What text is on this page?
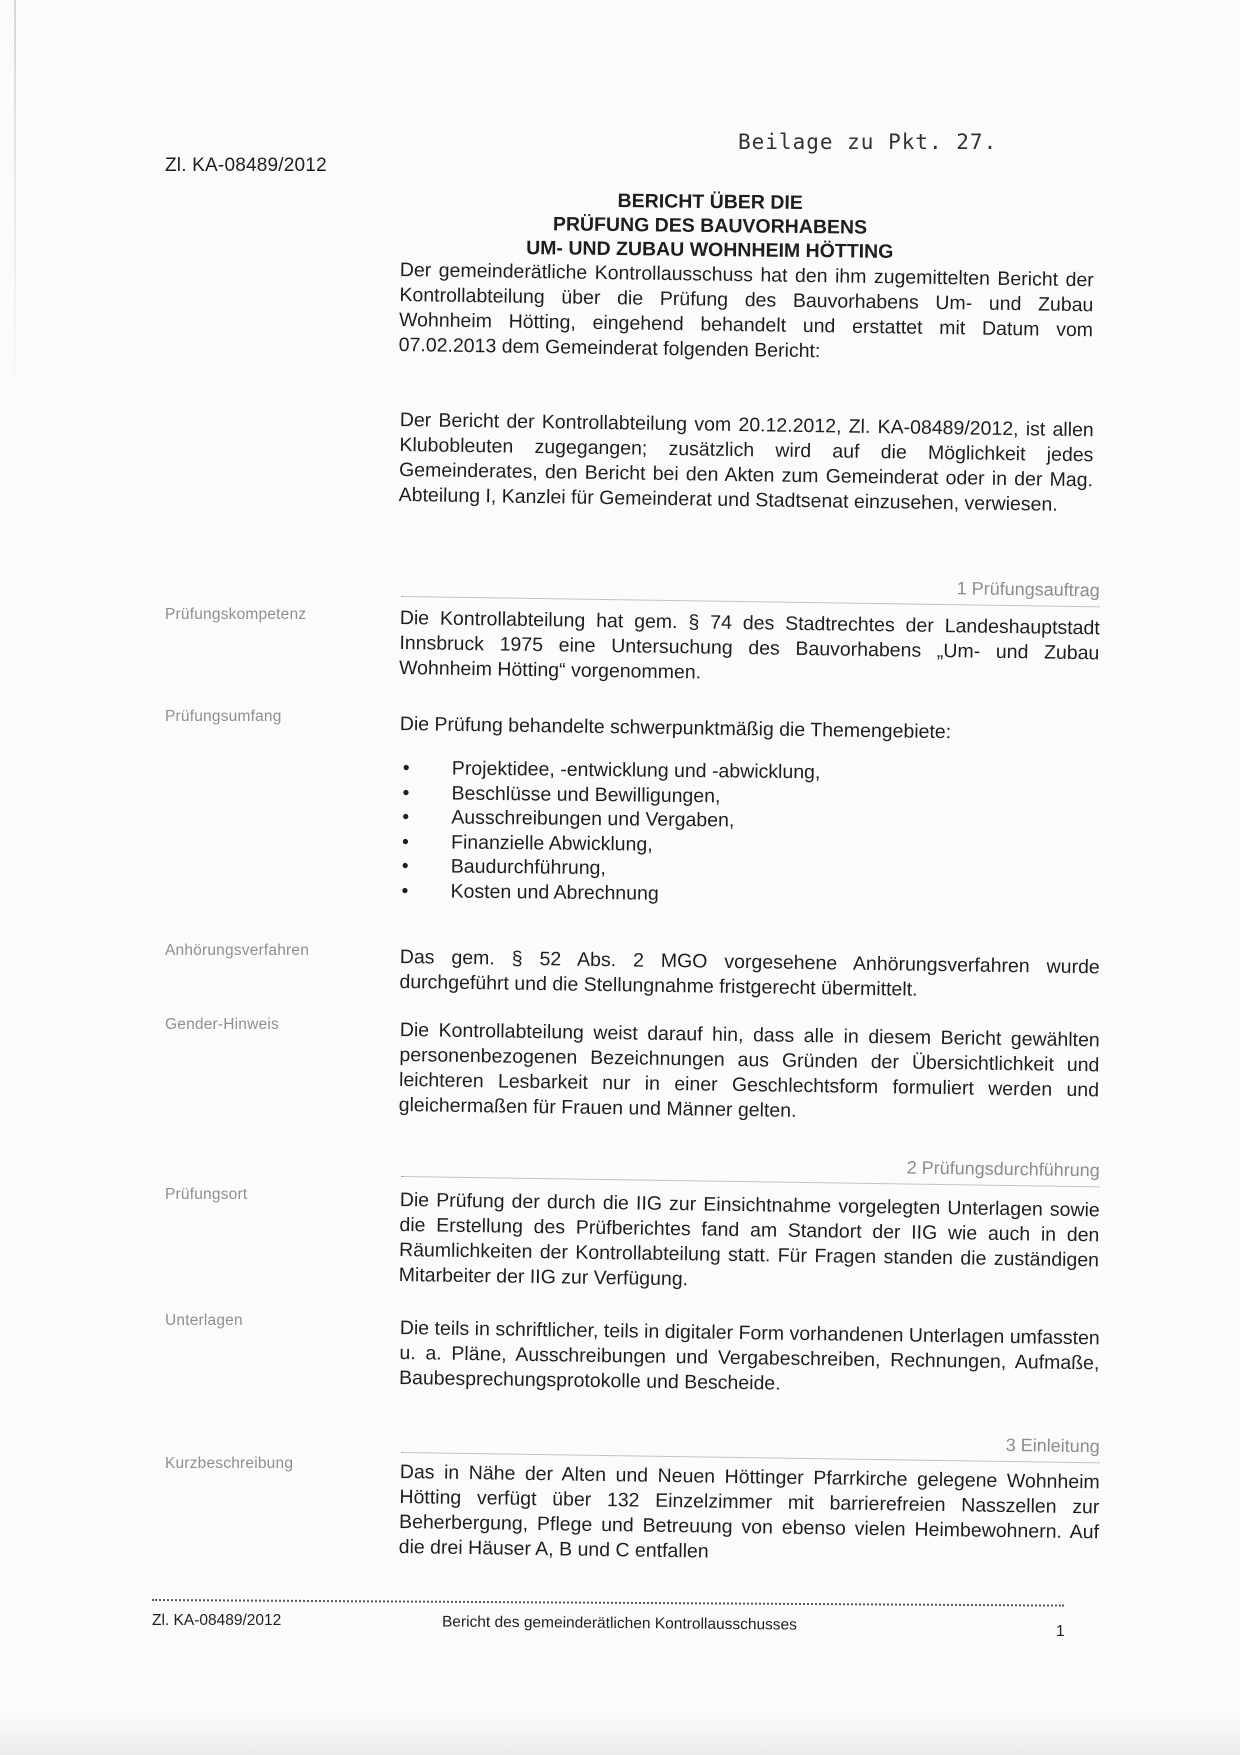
Zl. KA-08489/2012
Beilage zu Pkt. 27.
BERICHT ÜBER DIE
PRÜFUNG DES BAUVORHABENS
UM- UND ZUBAU WOHNHEIM HÖTTING

Der gemeinderätliche Kontrollausschuss hat den ihm zugemittelten Bericht der Kontrollabteilung über die Prüfung des Bauvorhabens Um- und Zubau Wohnheim Hötting, eingehend behandelt und erstattet mit Datum vom 07.02.2013 dem Gemeinderat folgenden Bericht:

Der Bericht der Kontrollabteilung vom 20.12.2012, Zl. KA-08489/2012, ist allen Klubobleuten zugegangen; zusätzlich wird auf die Möglichkeit jedes Gemeinderates, den Bericht bei den Akten zum Gemeinderat oder in der Mag. Abteilung I, Kanzlei für Gemeinderat und Stadtsenat einzusehen, verwiesen.

1 Prüfungsauftrag
Prüfungskompetenz	Die Kontrollabteilung hat gem. § 74 des Stadtrechtes der Landeshauptstadt Innsbruck 1975 eine Untersuchung des Bauvorhabens „Um- und Zubau Wohnheim Hötting“ vorgenommen.

Prüfungsumfang	Die Prüfung behandelte schwerpunktmäßig die Themengebiete:

• Projektidee, -entwicklung und -abwicklung,
• Beschlüsse und Bewilligungen,
• Ausschreibungen und Vergaben,
• Finanzielle Abwicklung,
• Baudurchführung,
• Kosten und Abrechnung
Anhörungsverfahren	Das gem. § 52 Abs. 2 MGO vorgesehene Anhörungsverfahren wurde durchgeführt und die Stellungnahme fristgerecht übermittelt.

Gender-Hinweis	Die Kontrollabteilung weist darauf hin, dass alle in diesem Bericht gewählten personenbezogenen Bezeichnungen aus Gründen der Übersichtlichkeit und leichteren Lesbarkeit nur in einer Geschlechtsform formuliert werden und gleichermaßen für Frauen und Männer gelten.

2 Prüfungsdurchführung
Prüfungsort	Die Prüfung der durch die IIG zur Einsichtnahme vorgelegten Unterlagen sowie die Erstellung des Prüfberichtes fand am Standort der IIG wie auch in den Räumlichkeiten der Kontrollabteilung statt. Für Fragen standen die zuständigen Mitarbeiter der IIG zur Verfügung.

Unterlagen	Die teils in schriftlicher, teils in digitaler Form vorhandenen Unterlagen umfassten u. a. Pläne, Ausschreibungen und Vergabeschreiben, Rechnungen, Aufmaße, Baubesprechungsprotokolle und Bescheide.

3 Einleitung
Kurzbeschreibung	Das in Nähe der Alten und Neuen Höttinger Pfarrkirche gelegene Wohnheim Hötting verfügt über 132 Einzelzimmer mit barrierefreien Nasszellen zur Beherbergung, Pflege und Betreuung von ebenso vielen Heimbewohnern. Auf die drei Häuser A, B und C entfallen

Zl. KA-08489/2012	Bericht des gemeinderätlichen Kontrollausschusses	1
